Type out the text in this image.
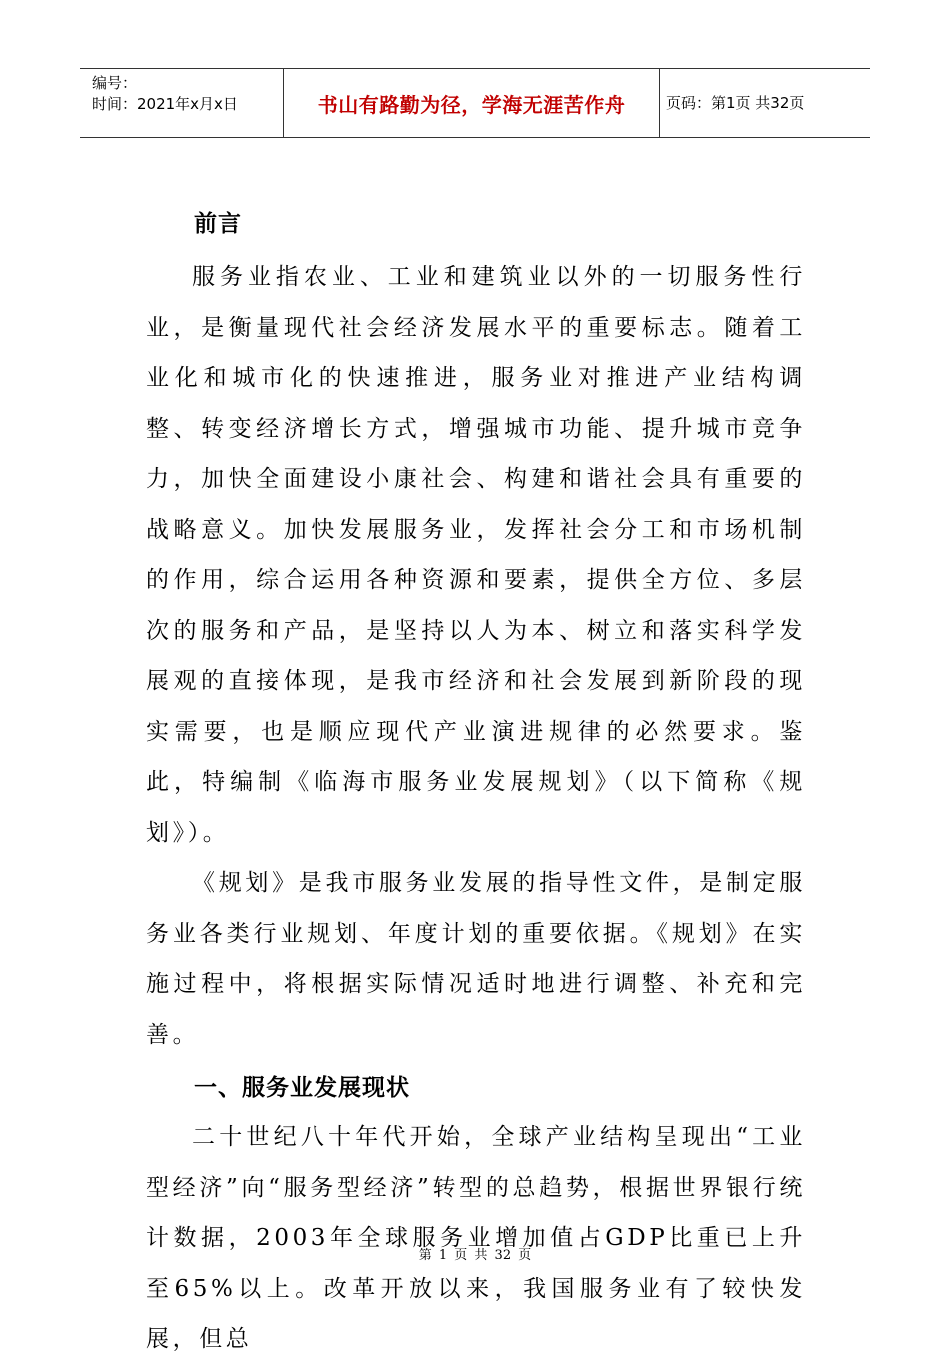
编号：
时间：2021年x月x日	书山有路勤为径，学海无涯苦作舟	页码：第1页 共32页
前言

服务业指农业、工业和建筑业以外的一切服务性行业，是衡量现代社会经济发展水平的重要标志。随着工业化和城市化的快速推进，服务业对推进产业结构调整、转变经济增长方式，增强城市功能、提升城市竞争力，加快全面建设小康社会、构建和谐社会具有重要的战略意义。加快发展服务业，发挥社会分工和市场机制的作用，综合运用各种资源和要素，提供全方位、多层次的服务和产品，是坚持以人为本、树立和落实科学发展观的直接体现，是我市经济和社会发展到新阶段的现实需要，也是顺应现代产业演进规律的必然要求。鉴此，特编制《临海市服务业发展规划》（以下简称《规划》）。

《规划》是我市服务业发展的指导性文件，是制定服务业各类行业规划、年度计划的重要依据。《规划》在实施过程中，将根据实际情况适时地进行调整、补充和完善。

一、服务业发展现状

二十世纪八十年代开始，全球产业结构呈现出“工业型经济”向“服务型经济”转型的总趋势，根据世界银行统计数据，2003年全球服务业增加值占GDP比重已上升至65%以上。改革开放以来，我国服务业有了较快发展，但总

第 1 页 共 32 页
